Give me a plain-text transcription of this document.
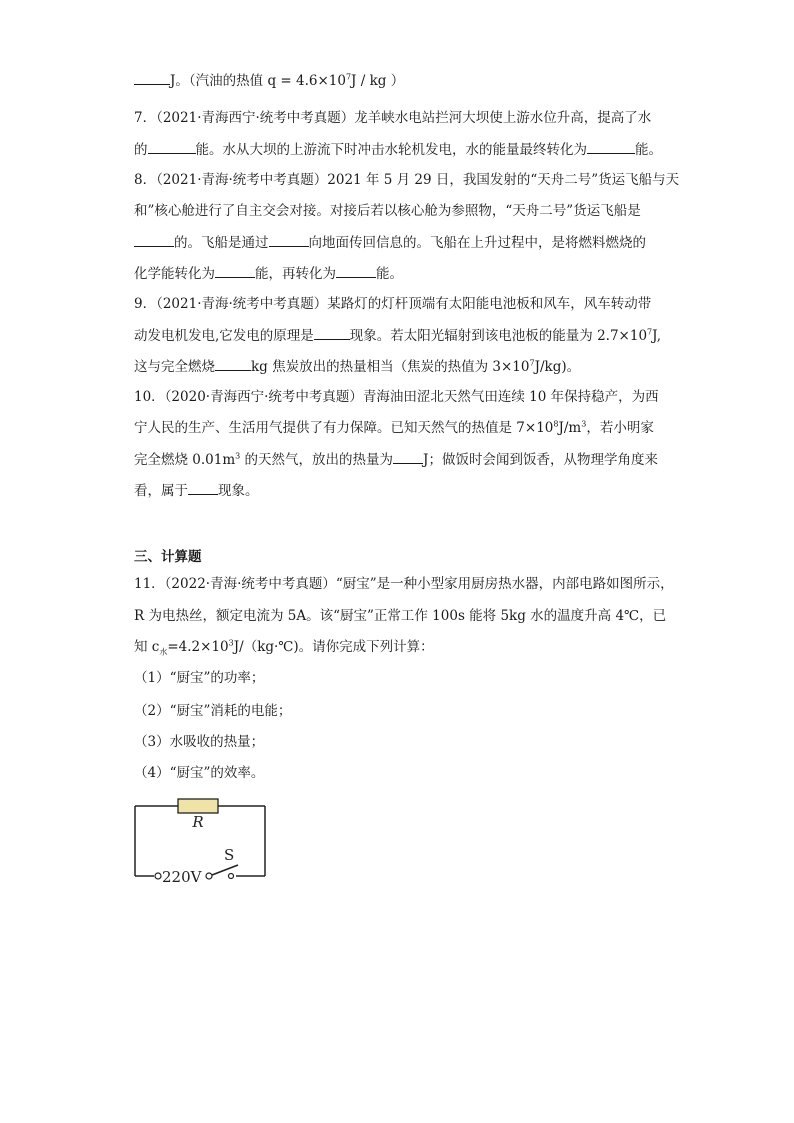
J。（汽油的热值 $q = 4.6\times 10^7J$ / kg ）
7．（2021·青海西宁·统考中考真题）龙羊峡水电站拦河大坝使上游水位升高，提高了水
的	能。水从大坝的上游流下时冲击水轮机发电，水的能量最终转化为	能。
8．（2021·青海·统考中考真题）2021 年 5 月 29 日，我国发射的“天舟二号”货运飞船与天
和”核心舱进行了自主交会对接。对接后若以核心舱为参照物，“天舟二号”货运飞船是
的。飞船是通过	向地面传回信息的。飞船在上升过程中，是将燃料燃烧的
化学能转化为	能，再转化为	能。
9．（2021·青海·统考中考真题）某路灯的灯杆顶端有太阳能电池板和风车，风车转动带
动发电机发电,它发电的原理是	现象。若太阳光辐射到该电池板的能量为 $2.7\times 10^7J$,
这与完全燃烧	kg 焦炭放出的热量相当（焦炭的热值为 $3\times 10^7J/kg$)。
10．（2020·青海西宁·统考中考真题）青海油田涩北天然气田连续 10 年保持稳产，为西
宁人民的生产、生活用气提供了有力保障。已知天然气的热值是 $7\times 10^8J/m^3$，若小明家
完全燃烧 $0.01m^3$ 的天然气，放出的热量为 J；做饭时会闻到饭香，从物理学角度来
看，属于 现象。
三、计算题
11．（2022·青海·统考中考真题）“厨宝”是一种小型家用厨房热水器，内部电路如图所示，
R 为电热丝，额定电流为 5A。该“厨宝”正常工作 100s 能将 5kg 水的温度升高 4℃，已
知 $c_水=4.2\times 10^3J/(kg\cdot℃)$。请你完成下列计算：
（1）“厨宝”的功率；
（2）“厨宝”消耗的电能；
（3）水吸收的热量；
（4）“厨宝”的效率。
R
220V
S
